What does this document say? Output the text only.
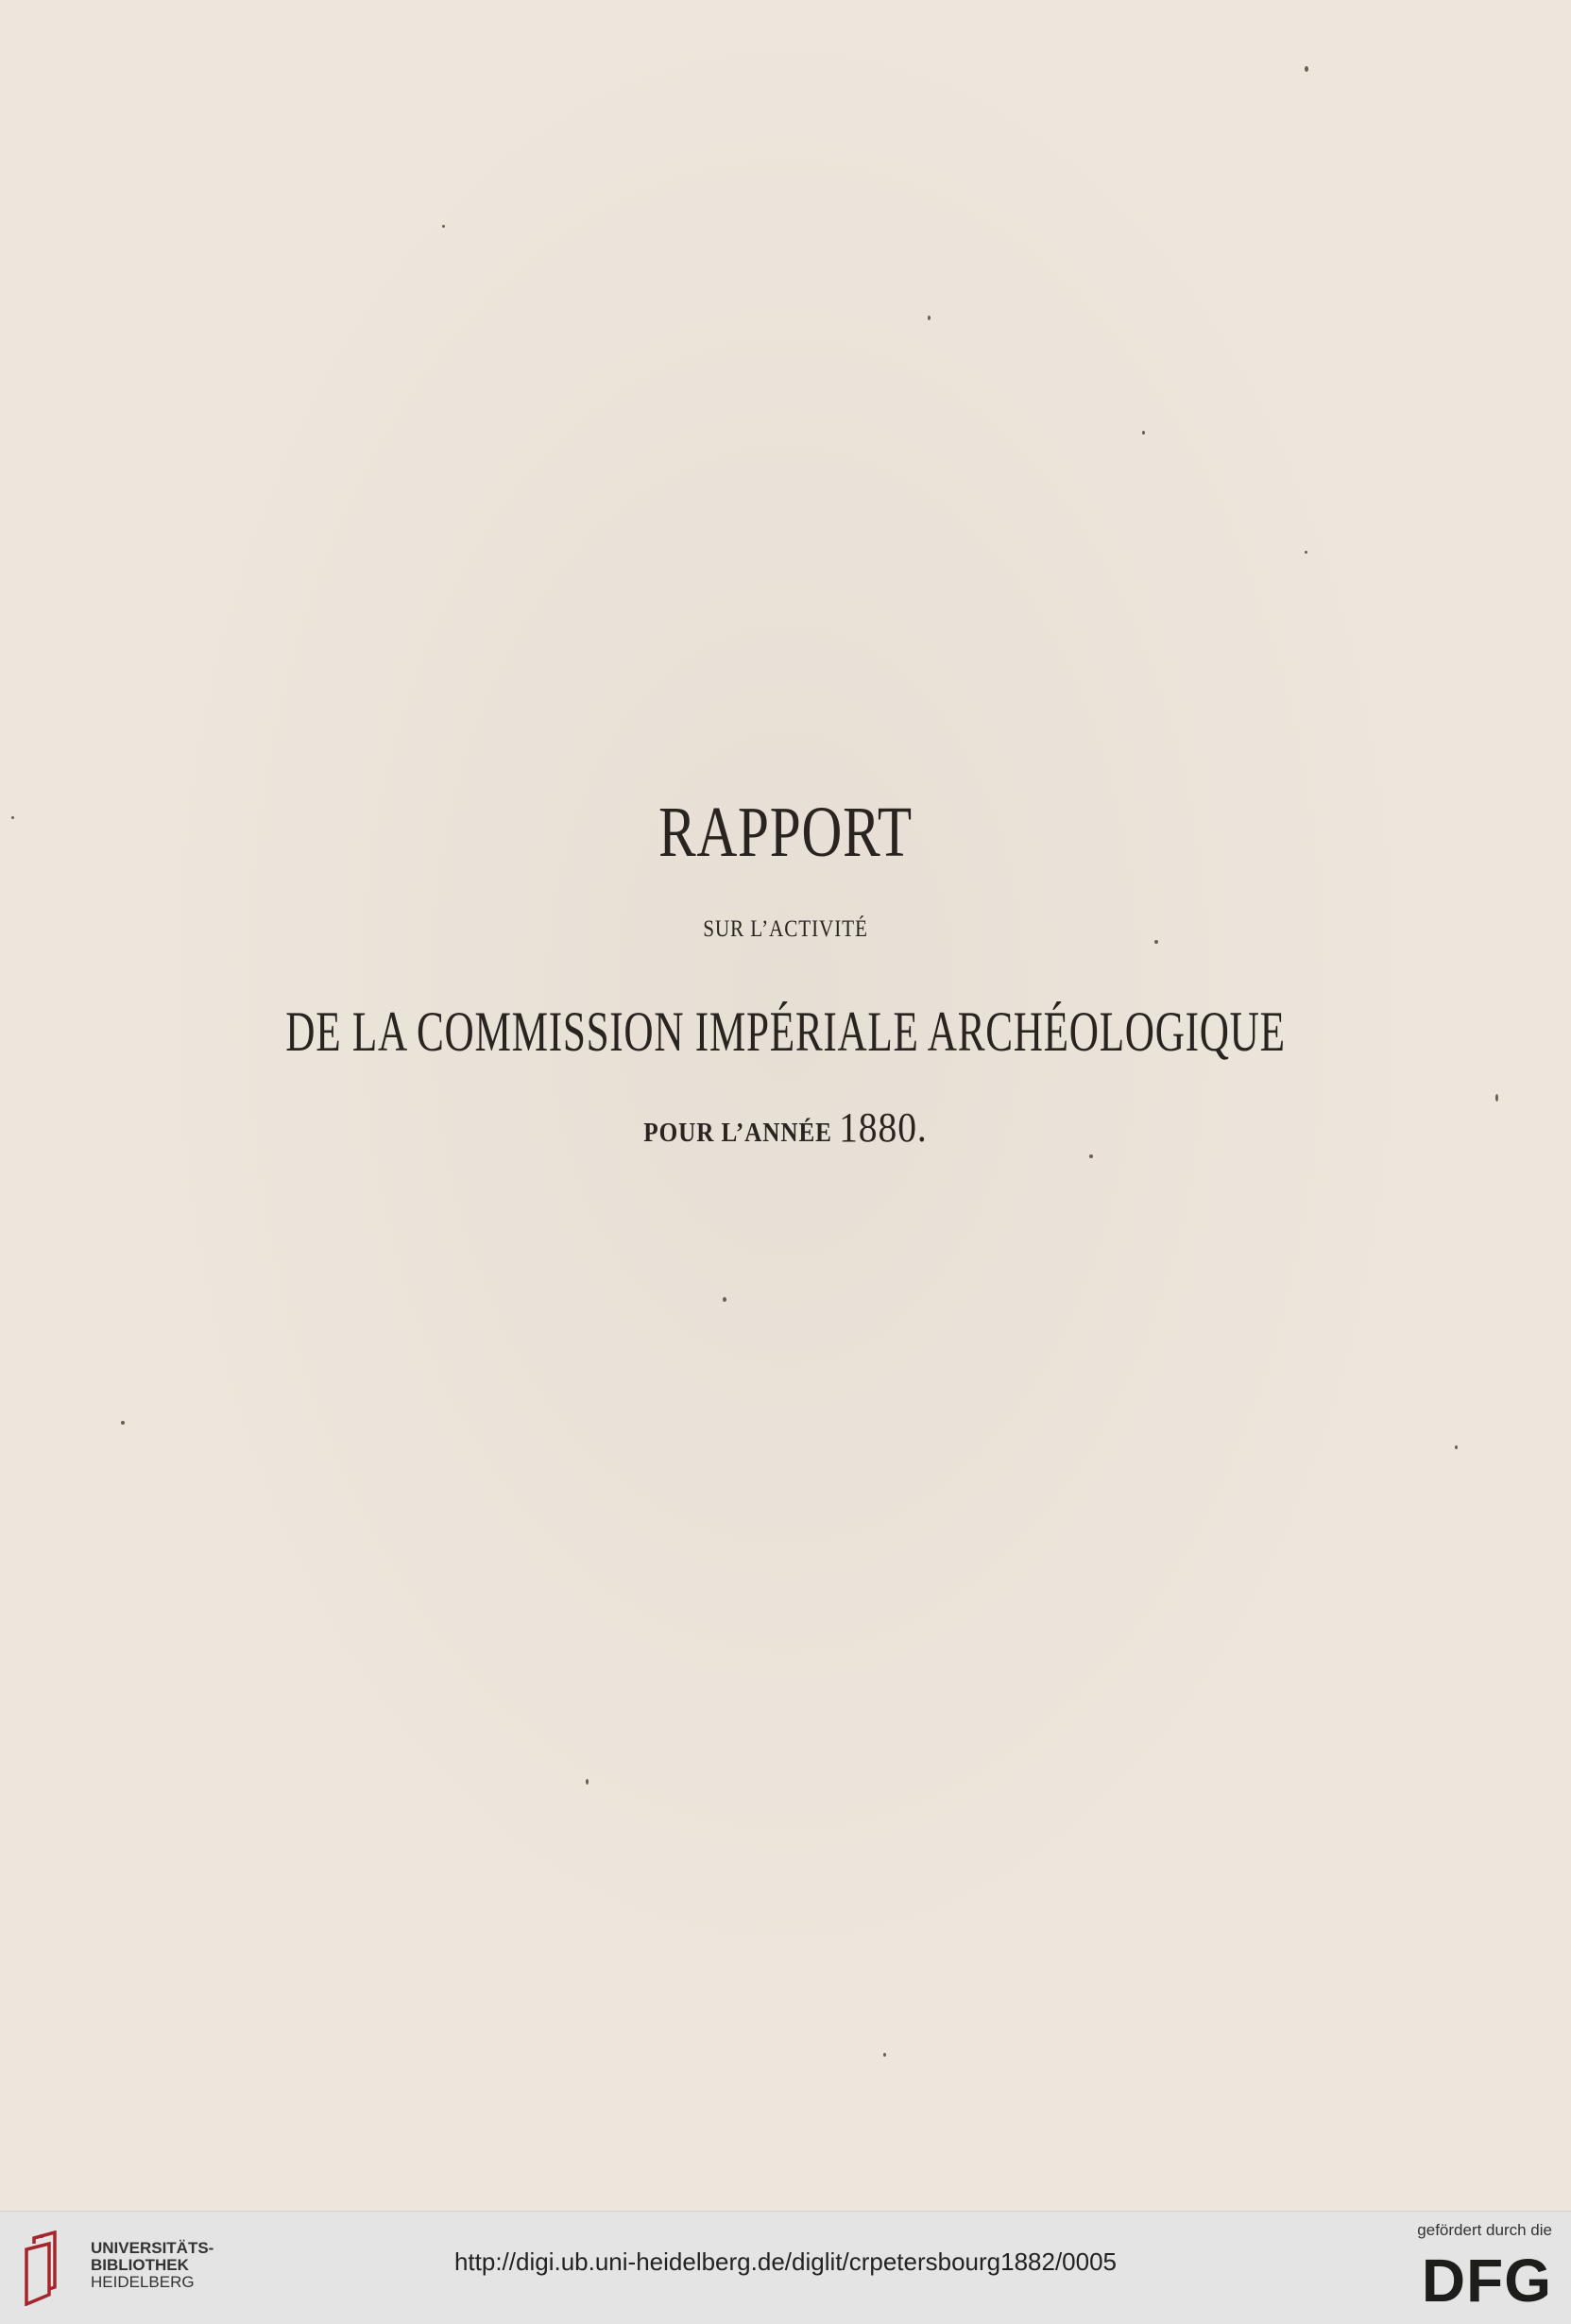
RAPPORT
SUR L’ACTIVITÉ
DE LA COMMISSION IMPÉRIALE ARCHÉOLOGIQUE
POUR L’ANNÉE 1880.
UNIVERSITÄTS-
BIBLIOTHEK
HEIDELBERG
http://digi.ub.uni-heidelberg.de/diglit/crpetersbourg1882/0005
gefördert durch die
DFG
